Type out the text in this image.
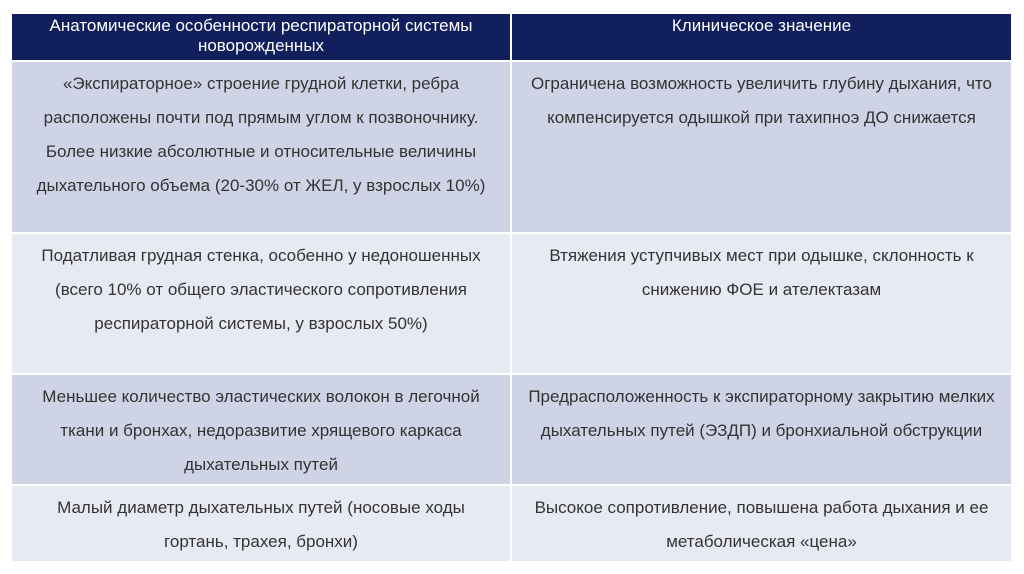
Анатомические особенности респираторной системы новорожденных	Клиническое значение
«Экспираторное» строение грудной клетки, ребра расположены почти под прямым углом к позвоночнику. Более низкие абсолютные и относительные величины дыхательного объема (20-30% от ЖЕЛ, у взрослых 10%)	Ограничена возможность увеличить глубину дыхания, что компенсируется одышкой при тахипноэ ДО снижается
Податливая грудная стенка, особенно у недоношенных (всего 10% от общего эластического сопротивления респираторной системы, у взрослых 50%)	Втяжения уступчивых мест при одышке, склонность к снижению ФОЕ и ателектазам
Меньшее количество эластических волокон в легочной ткани и бронхах, недоразвитие хрящевого каркаса дыхательных путей	Предрасположенность к экспираторному закрытию мелких дыхательных путей (ЭЗДП) и бронхиальной обструкции
Малый диаметр дыхательных путей (носовые ходы гортань, трахея, бронхи)	Высокое сопротивление, повышена работа дыхания и ее метаболическая «цена»
